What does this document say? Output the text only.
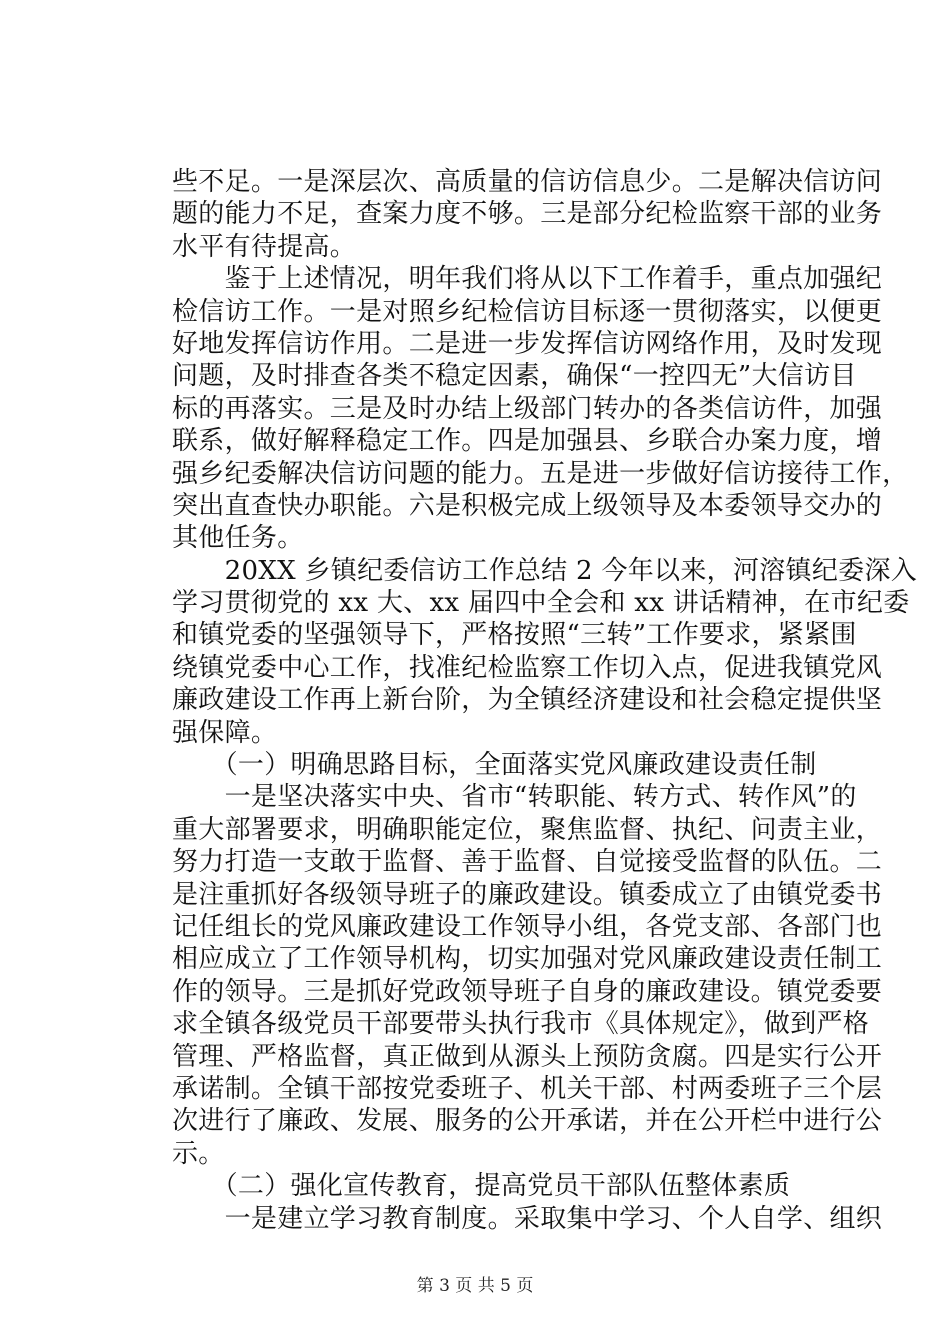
些不足。一是深层次、高质量的信访信息少。二是解决信访问
题的能力不足，查案力度不够。三是部分纪检监察干部的业务
水平有待提高。
　　鉴于上述情况，明年我们将从以下工作着手，重点加强纪
检信访工作。一是对照乡纪检信访目标逐一贯彻落实，以便更
好地发挥信访作用。二是进一步发挥信访网络作用，及时发现
问题，及时排查各类不稳定因素，确保“一控四无”大信访目
标的再落实。三是及时办结上级部门转办的各类信访件，加强
联系，做好解释稳定工作。四是加强县、乡联合办案力度，增
强乡纪委解决信访问题的能力。五是进一步做好信访接待工作，
突出直查快办职能。六是积极完成上级领导及本委领导交办的
其他任务。
　　20XX 乡镇纪委信访工作总结 2 今年以来，河溶镇纪委深入
学习贯彻党的 xx 大、xx 届四中全会和 xx 讲话精神，在市纪委
和镇党委的坚强领导下，严格按照“三转”工作要求，紧紧围
绕镇党委中心工作，找准纪检监察工作切入点，促进我镇党风
廉政建设工作再上新台阶，为全镇经济建设和社会稳定提供坚
强保障。
　　（一）明确思路目标，全面落实党风廉政建设责任制
　　一是坚决落实中央、省市“转职能、转方式、转作风”的
重大部署要求，明确职能定位，聚焦监督、执纪、问责主业，
努力打造一支敢于监督、善于监督、自觉接受监督的队伍。二
是注重抓好各级领导班子的廉政建设。镇委成立了由镇党委书
记任组长的党风廉政建设工作领导小组，各党支部、各部门也
相应成立了工作领导机构，切实加强对党风廉政建设责任制工
作的领导。三是抓好党政领导班子自身的廉政建设。镇党委要
求全镇各级党员干部要带头执行我市《具体规定》，做到严格
管理、严格监督，真正做到从源头上预防贪腐。四是实行公开
承诺制。全镇干部按党委班子、机关干部、村两委班子三个层
次进行了廉政、发展、服务的公开承诺，并在公开栏中进行公
示。
　　（二）强化宣传教育，提高党员干部队伍整体素质
　　一是建立学习教育制度。采取集中学习、个人自学、组织
第 3 页 共 5 页
